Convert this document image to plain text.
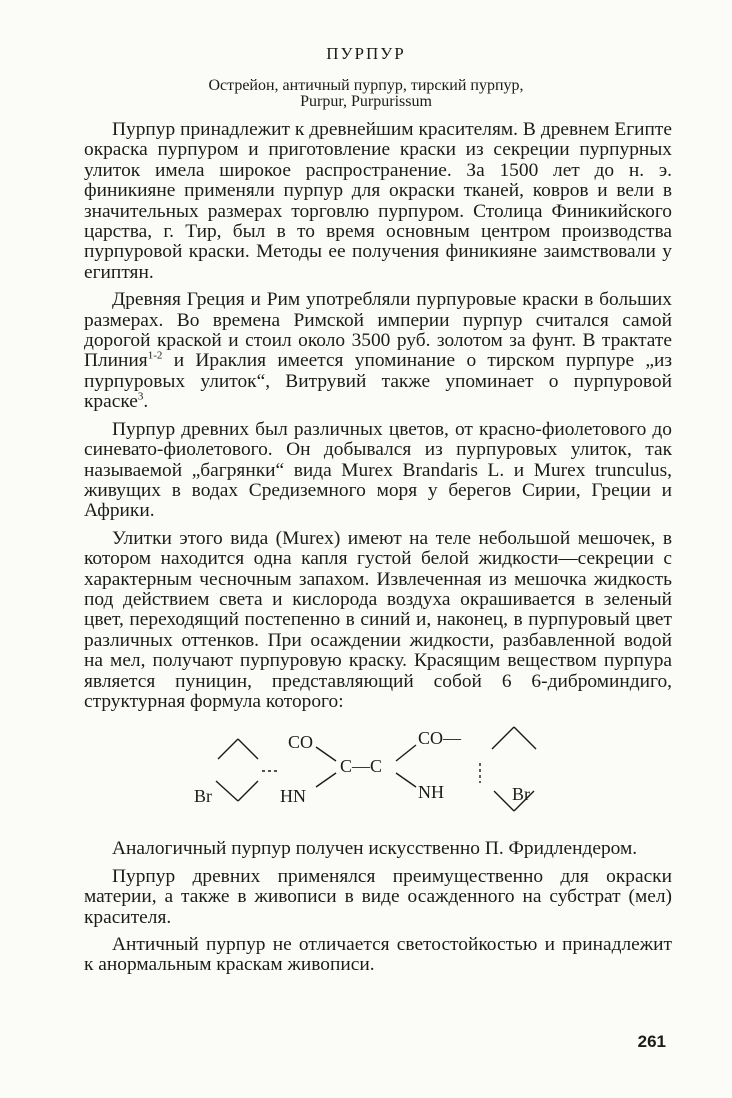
ПУРПУР
Острейон, античный пурпур, тирский пурпур,
Purpur, Purpurissum

Пурпур принадлежит к древнейшим красителям. В древнем Египте окраска пурпуром и приготовление краски из секреции пурпурных улиток имела широкое распространение. За 1500 лет до н. э. финикияне применяли пурпур для окраски тканей, ковров и вели в значительных размерах торговлю пурпуром. Столица Финикийского царства, г. Тир, был в то время основным центром производства пурпуровой краски. Методы ее получения финикияне заимствовали у египтян.

Древняя Греция и Рим употребляли пурпуровые краски в больших размерах. Во времена Римской империи пурпур считался самой дорогой краской и стоил около 3500 руб. золотом за фунт. В трактате Плиния$^{1-2}$ и Ираклия имеется упоминание о тирском пурпуре „из пурпуровых улиток“, Витрувий также упоминает о пурпуровой краске$^3$.

Пурпур древних был различных цветов, от красно-фиолетового до синевато-фиолетового. Он добывался из пурпуровых улиток, так называемой „багрянки“ вида Murex Brandaris L. и Murex trunculus, живущих в водах Средиземного моря у берегов Сирии, Греции и Африки.

Улитки этого вида (Murex) имеют на теле небольшой мешочек, в котором находится одна капля густой белой жидкости—секреции с характерным чесночным запахом. Извлеченная из мешочка жидкость под действием света и кислорода воздуха окрашивается в зеленый цвет, переходящий постепенно в синий и, наконец, в пурпуровый цвет различных оттенков. При осаждении жидкости, разбавленной водой на мел, получают пурпуровую краску. Красящим веществом пурпура является пуницин, представляющий собой 6 6-диброминдиго, структурная формула которого:

CO
C—C
CO—
Br	HN	NH	Br

Аналогичный пурпур получен искусственно П. Фридлендером.

Пурпур древних применялся преимущественно для окраски материи, а также в живописи в виде осажденного на субстрат (мел) красителя.

Античный пурпур не отличается светостойкостью и принадлежит к анормальным краскам живописи.

261
